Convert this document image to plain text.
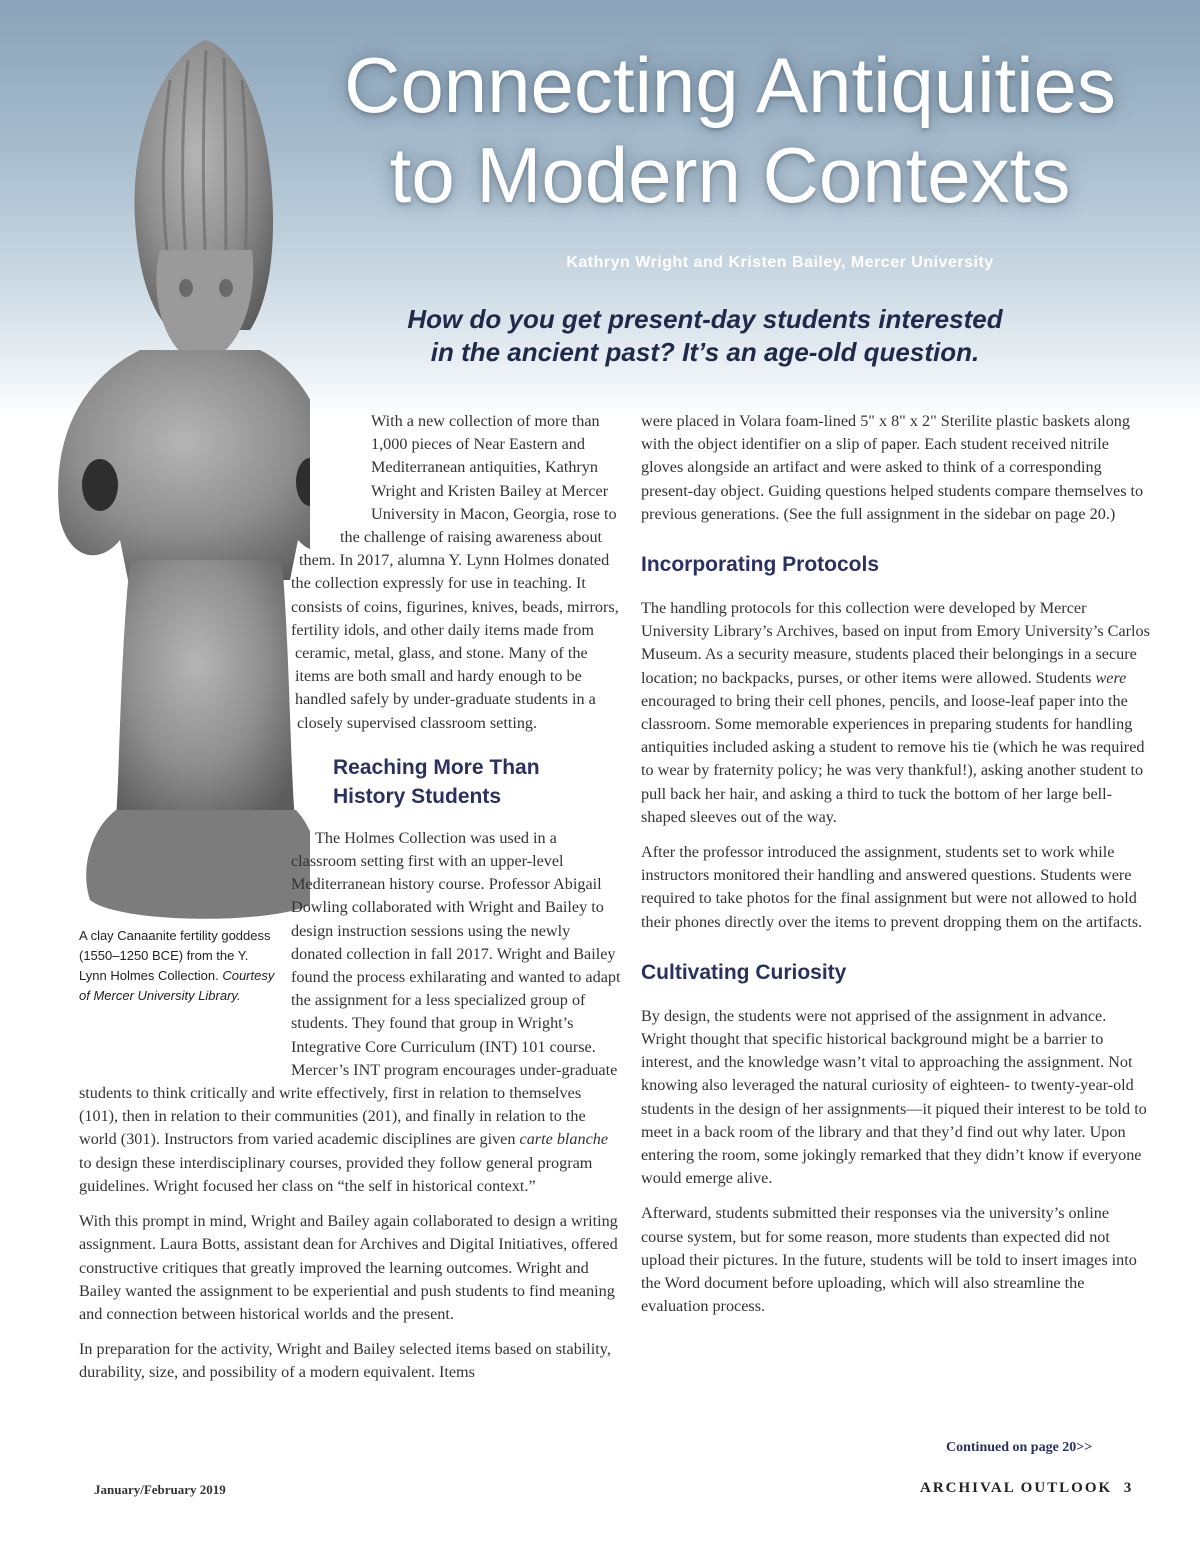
Connecting Antiquities
to Modern Contexts
Kathryn Wright and Kristen Bailey, Mercer University
How do you get present-day students interested
in the ancient past? It’s an age-old question.
A clay Canaanite fertility goddess (1550–1250 BCE) from the Y. Lynn Holmes Collection. Courtesy of Mercer University Library.

With a new collection of more than 1,000 pieces of Near Eastern and Mediterranean antiquities, Kathryn Wright and Kristen Bailey at Mercer University in Macon, Georgia, rose to the challenge of raising awareness about them. In 2017, alumna Y. Lynn Holmes donated the collection expressly for use in teaching. It consists of coins, figurines, knives, beads, mirrors, fertility idols, and other daily items made from ceramic, metal, glass, and stone. Many of the items are both small and hardy enough to be handled safely by under-graduate students in a closely supervised classroom setting.

Reaching More Than
History Students

The Holmes Collection was used in a classroom setting first with an upper-level Mediterranean history course. Professor Abigail Dowling collaborated with Wright and Bailey to design instruction sessions using the newly donated collection in fall 2017. Wright and Bailey found the process exhilarating and wanted to adapt the assignment for a less specialized group of students. They found that group in Wright’s Integrative Core Curriculum (INT) 101 course. Mercer’s INT program encourages under-graduate students to think critically and write effectively, first in relation to themselves (101), then in relation to their communities (201), and finally in relation to the world (301). Instructors from varied academic disciplines are given carte blanche to design these interdisciplinary courses, provided they follow general program guidelines. Wright focused her class on “the self in historical context.”

With this prompt in mind, Wright and Bailey again collaborated to design a writing assignment. Laura Botts, assistant dean for Archives and Digital Initiatives, offered constructive critiques that greatly improved the learning outcomes. Wright and Bailey wanted the assignment to be experiential and push students to find meaning and connection between historical worlds and the present.

In preparation for the activity, Wright and Bailey selected items based on stability, durability, size, and possibility of a modern equivalent. Items

were placed in Volara foam-lined 5" x 8" x 2" Sterilite plastic baskets along with the object identifier on a slip of paper. Each student received nitrile gloves alongside an artifact and were asked to think of a corresponding present-day object. Guiding questions helped students compare themselves to previous generations. (See the full assignment in the sidebar on page 20.)

Incorporating Protocols

The handling protocols for this collection were developed by Mercer University Library’s Archives, based on input from Emory University’s Carlos Museum. As a security measure, students placed their belongings in a secure location; no backpacks, purses, or other items were allowed. Students were encouraged to bring their cell phones, pencils, and loose-leaf paper into the classroom. Some memorable experiences in preparing students for handling antiquities included asking a student to remove his tie (which he was required to wear by fraternity policy; he was very thankful!), asking another student to pull back her hair, and asking a third to tuck the bottom of her large bell-shaped sleeves out of the way.

After the professor introduced the assignment, students set to work while instructors monitored their handling and answered questions. Students were required to take photos for the final assignment but were not allowed to hold their phones directly over the items to prevent dropping them on the artifacts.

Cultivating Curiosity

By design, the students were not apprised of the assignment in advance. Wright thought that specific historical background might be a barrier to interest, and the knowledge wasn’t vital to approaching the assignment. Not knowing also leveraged the natural curiosity of eighteen- to twenty-year-old students in the design of her assignments—it piqued their interest to be told to meet in a back room of the library and that they’d find out why later. Upon entering the room, some jokingly remarked that they didn’t know if everyone would emerge alive.

Afterward, students submitted their responses via the university’s online course system, but for some reason, more students than expected did not upload their pictures. In the future, students will be told to insert images into the Word document before uploading, which will also streamline the evaluation process.

Continued on page 20>>
January/February 2019	ARCHIVAL OUTLOOK 3
